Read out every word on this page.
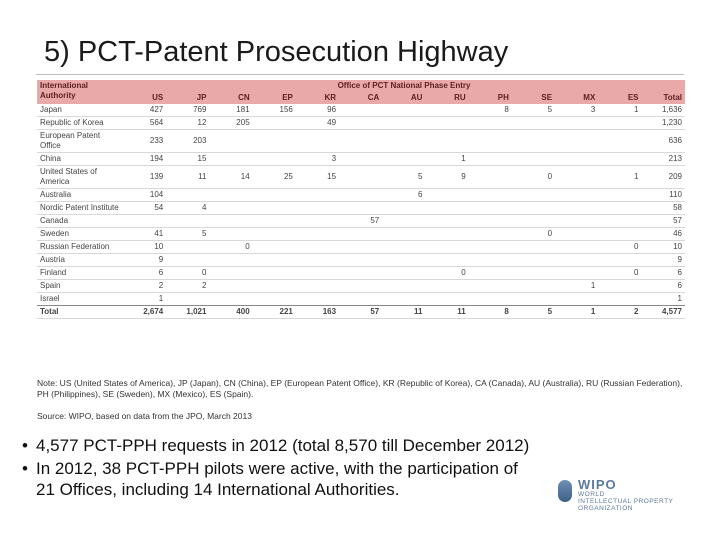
5) PCT-Patent Prosecution Highway
International Authority	Office of PCT National Phase Entry												
	US	JP	CN	EP	KR	CA	AU	RU	PH	SE	MX	ES	Total
Japan	427	769	181	156	96				8	5	3	1	1,636
Republic of Korea	564	12	205		49								1,230
European Patent Office	233	203											636
China	194	15			3			1					213
United States of America	139	11	14	25	15		5	9		0		1	209
Australia	104						6						110
Nordic Patent Institute	54	4											58
Canada						57							57
Sweden	41	5								0			46
Russian Federation	10		0									0	10
Austria	9												9
Finland	6	0						0				0	6
Spain	2	2									1		6
Israel	1												1
Total	2,674	1,021	400	221	163	57	11	11	8	5	1	2	4,577
Note: US (United States of America), JP (Japan), CN (China), EP (European Patent Office), KR (Republic of Korea), CA (Canada), AU (Australia), RU (Russian Federation), PH (Philippines), SE (Sweden), MX (Mexico), ES (Spain).
Source: WIPO, based on data from the JPO, March 2013
• 4,577 PCT-PPH requests in 2012 (total 8,570 till December 2012)
• In 2012, 38 PCT-PPH pilots were active, with the participation of
21 Offices, including 14 International Authorities.	WIPO
WORLD
INTELLECTUAL PROPERTY
ORGANIZATION
